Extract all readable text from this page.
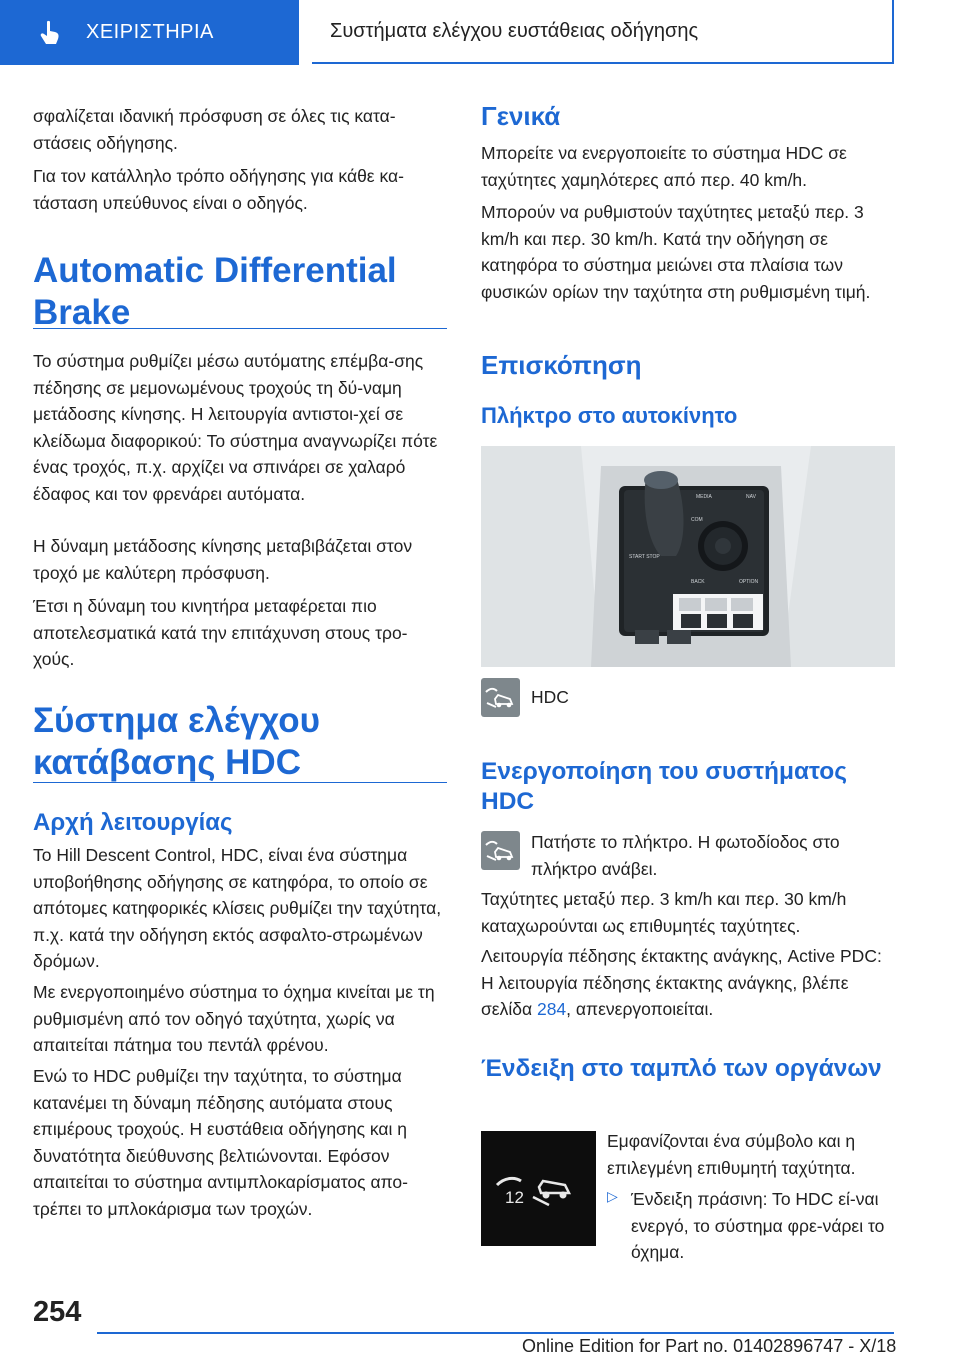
ΧΕΙΡΙΣΤΗΡΙΑ	Συστήματα ελέγχου ευστάθειας οδήγησης

σφαλίζεται ιδανική πρόσφυση σε όλες τις κατα‐στάσεις οδήγησης.

Για τον κατάλληλο τρόπο οδήγησης για κάθε κα‐τάσταση υπεύθυνος είναι ο οδηγός.

Automatic Differential Brake

Το σύστημα ρυθμίζει μέσω αυτόματης επέμβα‐σης πέδησης σε μεμονωμένους τροχούς τη δύ‐ναμη μετάδοσης κίνησης. Η λειτουργία αντιστοι‐χεί σε κλείδωμα διαφορικού: Το σύστημα αναγνωρίζει πότε ένας τροχός, π.χ. αρχίζει να σπινάρει σε χαλαρό έδαφος και τον φρενάρει αυτόματα.

Η δύναμη μετάδοσης κίνησης μεταβιβάζεται στον τροχό με καλύτερη πρόσφυση.

Έτσι η δύναμη του κινητήρα μεταφέρεται πιο αποτελεσματικά κατά την επιτάχυνση στους τρο‐χούς.

Σύστημα ελέγχου κατάβασης HDC
Αρχή λειτουργίας

Το Hill Descent Control, HDC, είναι ένα σύστημα υποβοήθησης οδήγησης σε κατηφόρα, το οποίο σε απότομες κατηφορικές κλίσεις ρυθμίζει την ταχύτητα, π.χ. κατά την οδήγηση εκτός ασφαλτο‐στρωμένων δρόμων.

Με ενεργοποιημένο σύστημα το όχημα κινείται με τη ρυθμισμένη από τον οδηγό ταχύτητα, χωρίς να απαιτείται πάτημα του πεντάλ φρένου.

Ενώ το HDC ρυθμίζει την ταχύτητα, το σύστημα κατανέμει τη δύναμη πέδησης αυτόματα στους επιμέρους τροχούς. Η ευστάθεια οδήγησης και η δυνατότητα διεύθυνσης βελτιώνονται. Εφόσον απαιτείται το σύστημα αντιμπλοκαρίσματος απο‐τρέπει το μπλοκάρισμα των τροχών.

Γενικά

Μπορείτε να ενεργοποιείτε το σύστημα HDC σε ταχύτητες χαμηλότερες από περ. 40 km/h.

Μπορούν να ρυθμιστούν ταχύτητες μεταξύ περ. 3 km/h και περ. 30 km/h. Κατά την οδήγηση σε κατηφόρα το σύστημα μειώνει στα πλαίσια των φυσικών ορίων την ταχύτητα στη ρυθμισμένη τιμή.

Επισκόπηση
Πλήκτρο στο αυτοκίνητο
START STOP
MEDIA	NAV
COM
BACK	OPTION

HDC

Ενεργοποίηση του συστήματος HDC

Πατήστε το πλήκτρο. Η φωτοδίοδος στο πλήκτρο ανάβει.

Ταχύτητες μεταξύ περ. 3 km/h και περ. 30 km/h καταχωρούνται ως επιθυμητές ταχύτητες.

Λειτουργία πέδησης έκτακτης ανάγκης, Active PDC: Η λειτουργία πέδησης έκτακτης ανάγκης, βλέπε σελίδα 284, απενεργοποιείται.

Ένδειξη στο ταμπλό των οργάνων
12

Εμφανίζονται ένα σύμβολο και η επιλεγμένη επιθυμητή ταχύτητα.

▷ Ένδειξη πράσινη: Το HDC εί‐ναι ενεργό, το σύστημα φρε‐νάρει το όχημα.

254
Online Edition for Part no. 01402896747 - X/18
